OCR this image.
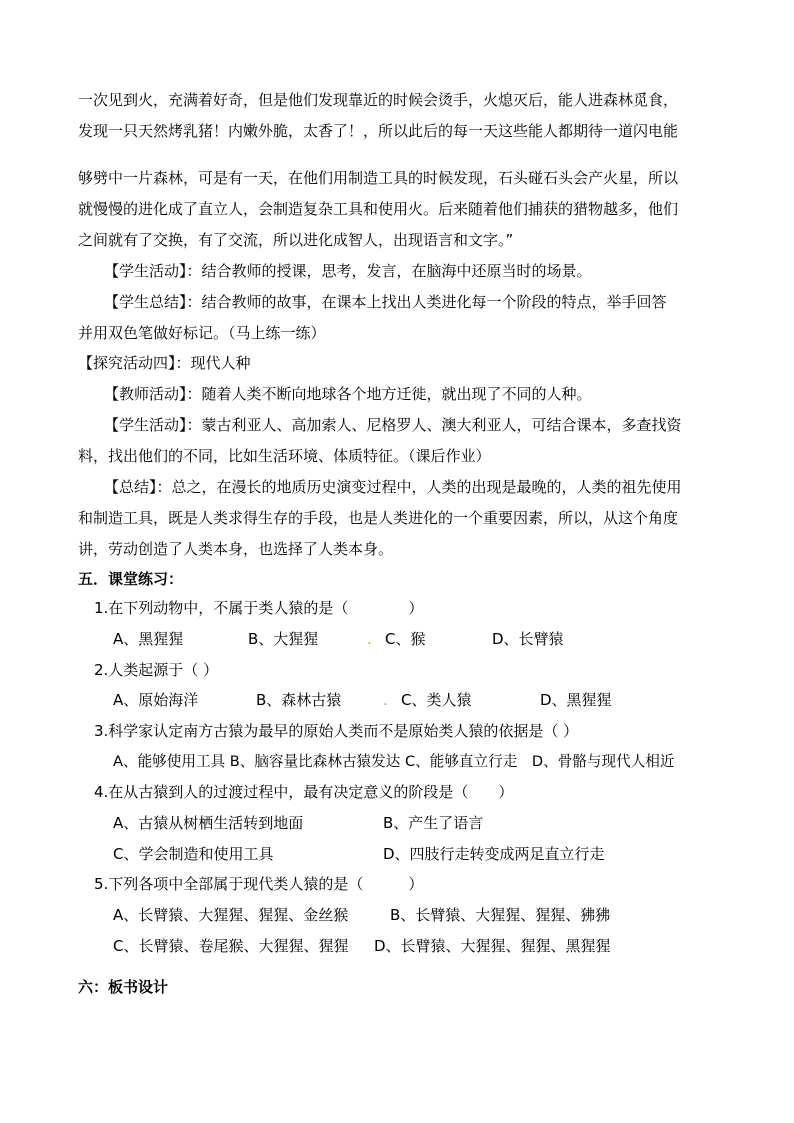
一次见到火，充满着好奇，但是他们发现靠近的时候会烫手，火熄灭后，能人进森林觅食，
发现一只天然烤乳猪！内嫩外脆，太香了！，所以此后的每一天这些能人都期待一道闪电能
够劈中一片森林，可是有一天，在他们用制造工具的时候发现，石头碰石头会产火星，所以
就慢慢的进化成了直立人，会制造复杂工具和使用火。后来随着他们捕获的猎物越多，他们
之间就有了交换，有了交流，所以进化成智人，出现语言和文字。”
【学生活动】：结合教师的授课，思考，发言，在脑海中还原当时的场景。
【学生总结】：结合教师的故事，在课本上找出人类进化每一个阶段的特点，举手回答
并用双色笔做好标记。（马上练一练）
【探究活动四】：现代人种
【教师活动】：随着人类不断向地球各个地方迁徙，就出现了不同的人种。
【学生活动】：蒙古利亚人、高加索人、尼格罗人、澳大利亚人，可结合课本，多查找资
料，找出他们的不同，比如生活环境、体质特征。（课后作业）
【总结】：总之，在漫长的地质历史演变过程中，人类的出现是最晚的，人类的祖先使用
和制造工具，既是人类求得生存的手段，也是人类进化的一个重要因素，所以，从这个角度
讲，劳动创造了人类本身，也选择了人类本身。
五．课堂练习：
1.在下列动物中，不属于类人猿的是（　　　　）
A、黑猩猩	B、大猩猩	. C、猴	D、长臂猿
2.人类起源于（ ）
A、原始海洋	B、森林古猿	. C、类人猿	D、黑猩猩
3.科学家认定南方古猿为最早的原始人类而不是原始类人猿的依据是（ ）
A、能够使用工具 B、脑容量比森林古猿发达 C、能够直立行走　D、骨骼与现代人相近
4.在从古猿到人的过渡过程中，最有决定意义的阶段是（　　）
A、古猿从树栖生活转到地面	B、产生了语言
C、学会制造和使用工具	D、四肢行走转变成两足直立行走
5.下列各项中全部属于现代类人猿的是（　　　）
A、长臂猿、大猩猩、猩猩、金丝猴	B、长臂猿、大猩猩、猩猩、狒狒
C、长臂猿、卷尾猴、大猩猩、猩猩 D、长臂猿、大猩猩、猩猩、黑猩猩
六：板书设计
